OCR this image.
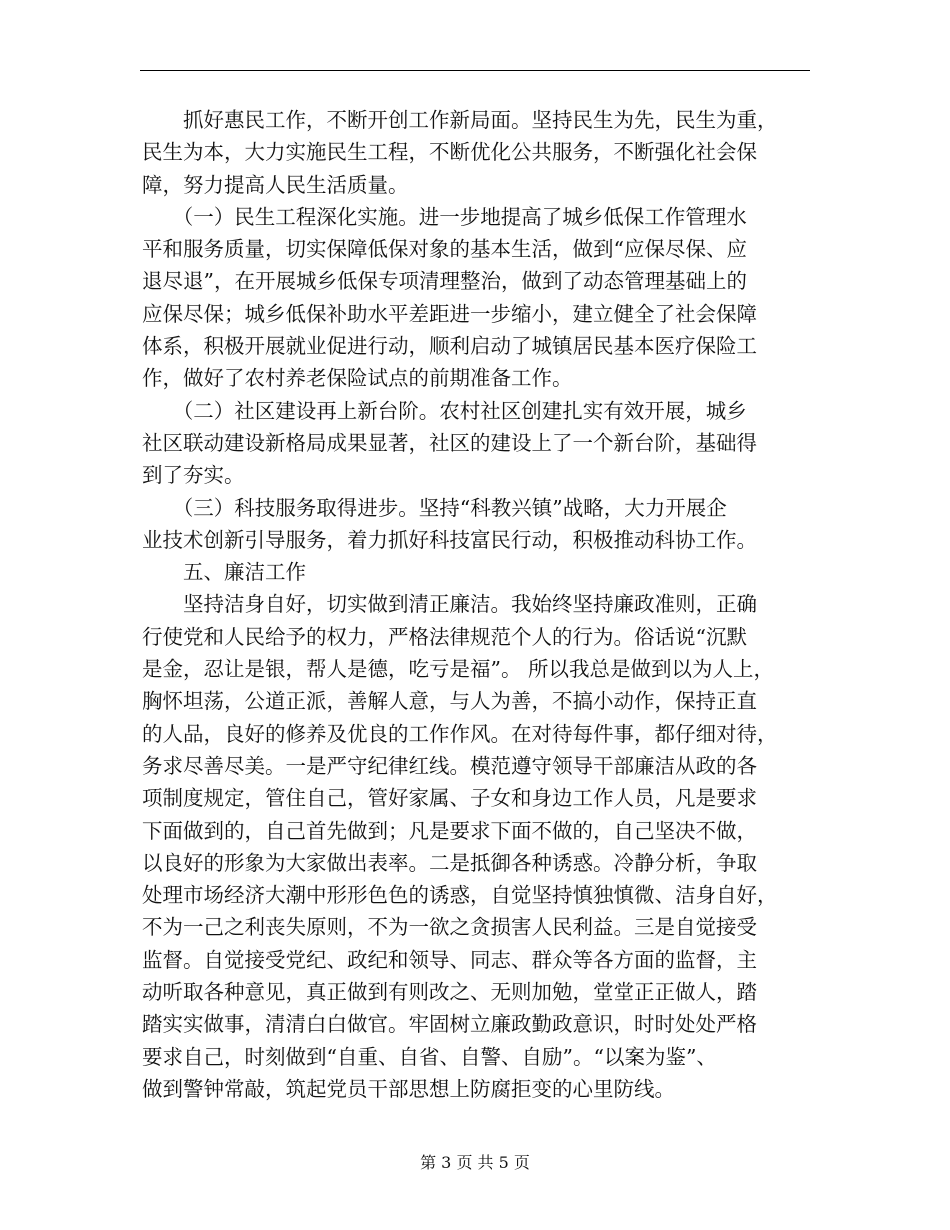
　　抓好惠民工作，不断开创工作新局面。坚持民生为先，民生为重，
民生为本，大力实施民生工程，不断优化公共服务，不断强化社会保
障，努力提高人民生活质量。
　　（一）民生工程深化实施。进一步地提高了城乡低保工作管理水
平和服务质量，切实保障低保对象的基本生活，做到“应保尽保、应
退尽退”，在开展城乡低保专项清理整治，做到了动态管理基础上的
应保尽保；城乡低保补助水平差距进一步缩小，建立健全了社会保障
体系，积极开展就业促进行动，顺利启动了城镇居民基本医疗保险工
作，做好了农村养老保险试点的前期准备工作。
　　（二）社区建设再上新台阶。农村社区创建扎实有效开展，城乡
社区联动建设新格局成果显著，社区的建设上了一个新台阶，基础得
到了夯实。
　　（三）科技服务取得进步。坚持“科教兴镇”战略，大力开展企
业技术创新引导服务，着力抓好科技富民行动，积极推动科协工作。
　　五、廉洁工作
　　坚持洁身自好，切实做到清正廉洁。我始终坚持廉政准则，正确
行使党和人民给予的权力，严格法律规范个人的行为。俗话说“沉默
是金，忍让是银，帮人是德，吃亏是福”。 所以我总是做到以为人上，
胸怀坦荡，公道正派，善解人意，与人为善，不搞小动作，保持正直
的人品，良好的修养及优良的工作作风。在对待每件事，都仔细对待，
务求尽善尽美。一是严守纪律红线。模范遵守领导干部廉洁从政的各
项制度规定，管住自己，管好家属、子女和身边工作人员，凡是要求
下面做到的，自己首先做到；凡是要求下面不做的，自己坚决不做，
以良好的形象为大家做出表率。二是抵御各种诱惑。冷静分析，争取
处理市场经济大潮中形形色色的诱惑，自觉坚持慎独慎微、洁身自好，
不为一己之利丧失原则，不为一欲之贪损害人民利益。三是自觉接受
监督。自觉接受党纪、政纪和领导、同志、群众等各方面的监督，主
动听取各种意见，真正做到有则改之、无则加勉，堂堂正正做人，踏
踏实实做事，清清白白做官。牢固树立廉政勤政意识，时时处处严格
要求自己，时刻做到“自重、自省、自警、自励”。“以案为鉴”、
做到警钟常敲，筑起党员干部思想上防腐拒变的心里防线。
第 3 页 共 5 页
